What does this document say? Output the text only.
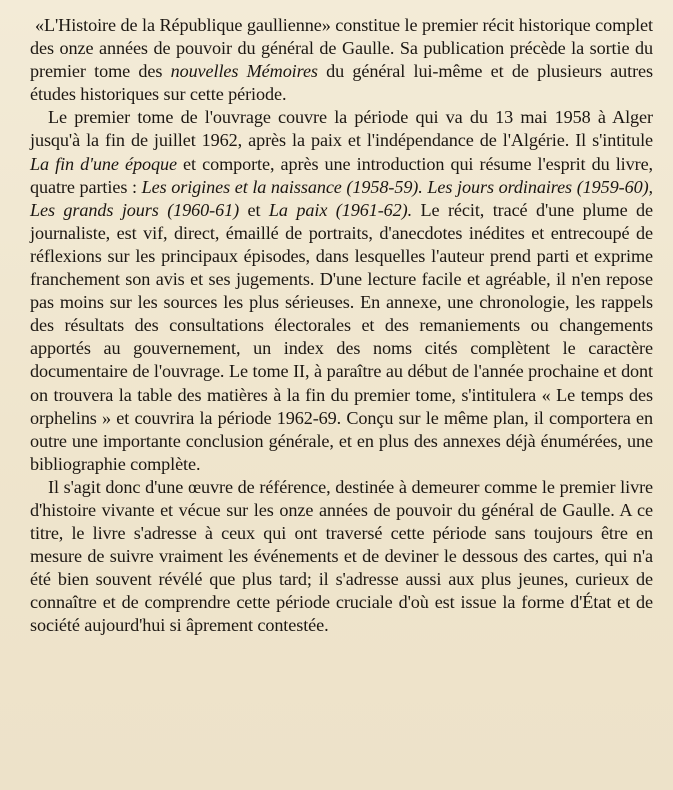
«L'Histoire de la République gaullienne» constitue le premier récit historique complet des onze années de pouvoir du général de Gaulle. Sa publication précède la sortie du premier tome des nouvelles Mémoires du général lui-même et de plusieurs autres études historiques sur cette période.

Le premier tome de l'ouvrage couvre la période qui va du 13 mai 1958 à Alger jusqu'à la fin de juillet 1962, après la paix et l'indépendance de l'Algérie. Il s'intitule La fin d'une époque et comporte, après une introduction qui résume l'esprit du livre, quatre parties : Les origines et la naissance (1958-59). Les jours ordinaires (1959-60), Les grands jours (1960-61) et La paix (1961-62). Le récit, tracé d'une plume de journaliste, est vif, direct, émaillé de portraits, d'anecdotes inédites et entrecoupé de réflexions sur les principaux épisodes, dans lesquelles l'auteur prend parti et exprime franchement son avis et ses jugements. D'une lecture facile et agréable, il n'en repose pas moins sur les sources les plus sérieuses. En annexe, une chronologie, les rappels des résultats des consultations électorales et des remaniements ou changements apportés au gouvernement, un index des noms cités complètent le caractère documentaire de l'ouvrage. Le tome II, à paraître au début de l'année prochaine et dont on trouvera la table des matières à la fin du premier tome, s'intitulera « Le temps des orphelins » et couvrira la période 1962-69. Conçu sur le même plan, il comportera en outre une importante conclusion générale, et en plus des annexes déjà énumérées, une bibliographie complète.

Il s'agit donc d'une œuvre de référence, destinée à demeurer comme le premier livre d'histoire vivante et vécue sur les onze années de pouvoir du général de Gaulle. A ce titre, le livre s'adresse à ceux qui ont traversé cette période sans toujours être en mesure de suivre vraiment les événements et de deviner le dessous des cartes, qui n'a été bien souvent révélé que plus tard; il s'adresse aussi aux plus jeunes, curieux de connaître et de comprendre cette période cruciale d'où est issue la forme d'État et de société aujourd'hui si âprement contestée.
